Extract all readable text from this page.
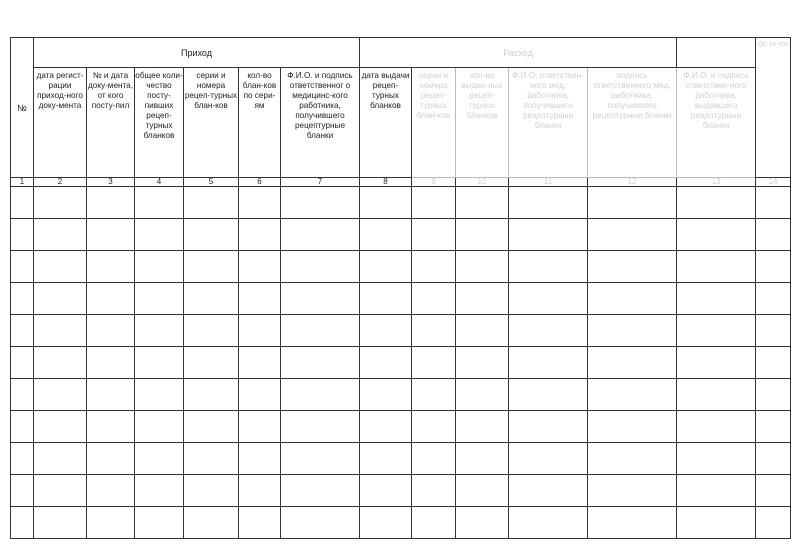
№	Приход						Расход						Ос-та-ток
	дата регист-рации приход-ного доку-мента	№ и дата доку-мента, от кого посту-пил	общее коли-чество посту-пивших рецеп-турных бланков	серии и номера рецеп-турных блан-ков	кол-во блан-ков по сери-ям	Ф.И.О. и подпись ответственног о медицинс-кого работника, получившего рецептурные бланки	дата выдачи рецеп-турных бланков	серии и номера рецеп-турных блан-ков	кол-во выдан-ных рецеп-турных бланков	Ф.И.О. ответствен-ного мед. работника, получившего рецептурные бланки	подпись ответственного мед. работника, получившего рецептурные бланки	Ф.И.О. и подпись ответствен-ного работника, выдавшего рецептурные бланки	
1	2	3	4	5	6	7	8	9	10	11	12	13	14
